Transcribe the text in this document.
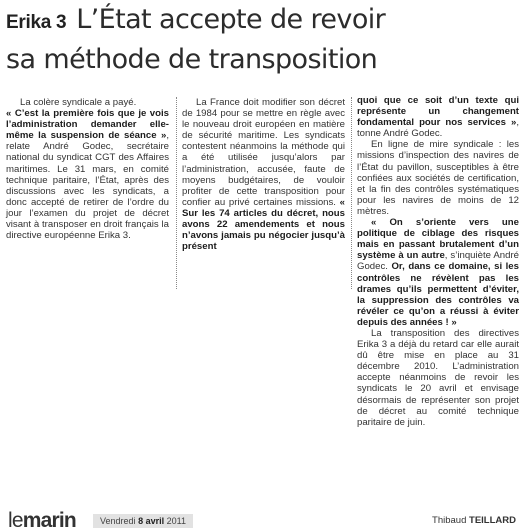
Erika 3 L’État accepte de revoir
sa méthode de transposition

La colère syndicale a payé.

« C’est la première fois que je vois l’administration demander elle-même la suspension de séance », relate André Godec, secrétaire national du syndicat CGT des Affaires maritimes. Le 31 mars, en comité technique paritaire, l’État, après des discussions avec les syndicats, a donc accepté de retirer de l’ordre du jour l’examen du projet de décret visant à transposer en droit français la directive européenne Erika 3.

La France doit modifier son décret de 1984 pour se mettre en règle avec le nouveau droit européen en matière de sécurité maritime. Les syndicats contestent néanmoins la méthode qui a été utilisée jusqu’alors par l’administration, accusée, faute de moyens budgétaires, de vouloir profiter de cette transposition pour confier au privé certaines missions. « Sur les 74 articles du décret, nous avons 22 amendements et nous n’avons jamais pu négocier jusqu’à présent

quoi que ce soit d’un texte qui représente un changement fondamental pour nos services », tonne André Godec.

En ligne de mire syndicale : les missions d’inspection des navires de l’État du pavillon, susceptibles à être confiées aux sociétés de certification, et la fin des contrôles systématiques pour les navires de moins de 12 mètres.

« On s’oriente vers une politique de ciblage des risques mais en passant brutalement d’un système à un autre, s’inquiète André Godec. Or, dans ce domaine, si les contrôles ne révèlent pas les drames qu’ils permettent d’éviter, la suppression des contrôles va révéler ce qu’on a réussi à éviter depuis des années ! »

La transposition des directives Erika 3 a déjà du retard car elle aurait dû être mise en place au 31 décembre 2010. L’administration accepte néanmoins de revoir les syndicats le 20 avril et envisage désormais de représenter son projet de décret au comité technique paritaire de juin.

lemarin	Vendredi 8 avril 2011	Thibaud TEILLARD
